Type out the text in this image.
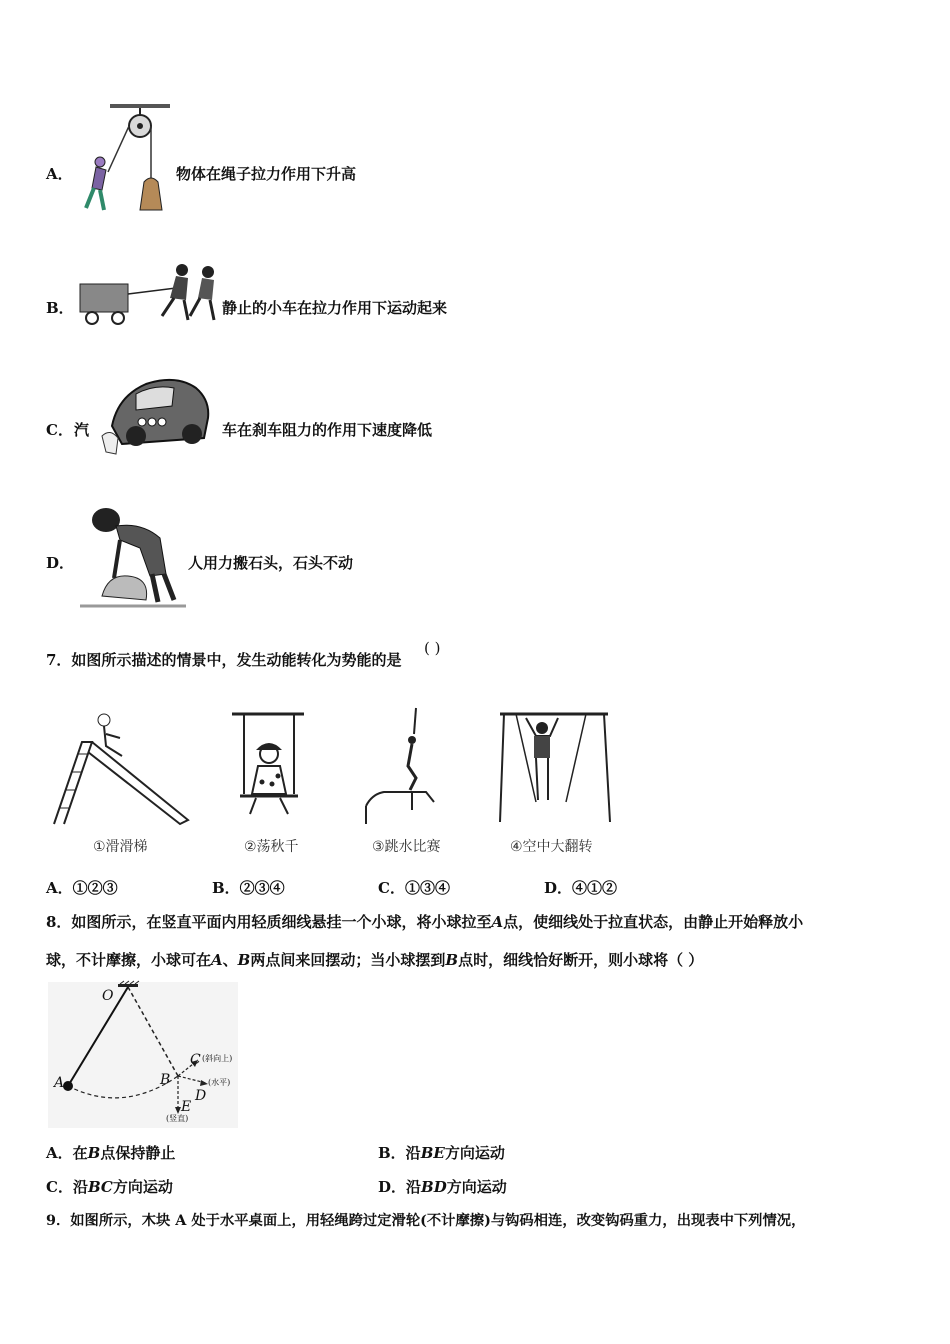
A．	物体在绳子拉力作用下升高
B．	静止的小车在拉力作用下运动起来
C． 汽	车在刹车阻力的作用下速度降低
D．	人用力搬石头，石头不动
7．如图所示描述的情景中，发生动能转化为势能的是
( )
①滑滑梯	②荡秋千	③跳水比赛	④空中大翻转
A．①②③	B．②③④	C．①③④	D．④①②
8．如图所示，在竖直平面内用轻质细线悬挂一个小球，将小球拉至A点，使细线处于拉直状态，由静止开始释放小
球，不计摩擦，小球可在A、B两点间来回摆动；当小球摆到B点时，细线恰好断开，则小球将（ ）
O
A	B
C (斜向上)
D
(水平)
E
(竖直)
A．在B点保持静止	B．沿BE方向运动
C．沿BC方向运动	D．沿BD方向运动
9．如图所示，木块 A 处于水平桌面上，用轻绳跨过定滑轮(不计摩擦)与钩码相连，改变钩码重力，出现表中下列情况，
